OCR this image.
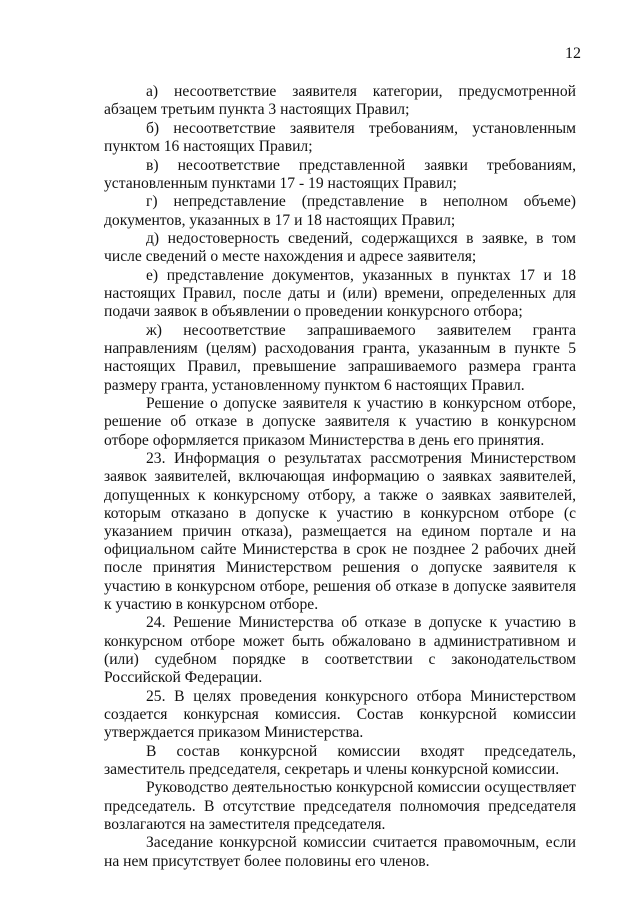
12

а) несоответствие заявителя категории, предусмотренной абзацем третьим пункта 3 настоящих Правил;

б) несоответствие заявителя требованиям, установленным пунктом 16 настоящих Правил;

в) несоответствие представленной заявки требованиям, установленным пунктами 17 - 19 настоящих Правил;

г) непредставление (представление в неполном объеме) документов, указанных в 17 и 18 настоящих Правил;

д) недостоверность сведений, содержащихся в заявке, в том числе сведений о месте нахождения и адресе заявителя;

е) представление документов, указанных в пунктах 17 и 18 настоящих Правил, после даты и (или) времени, определенных для подачи заявок в объявлении о проведении конкурсного отбора;

ж) несоответствие запрашиваемого заявителем гранта направлениям (целям) расходования гранта, указанным в пункте 5 настоящих Правил, превышение запрашиваемого размера гранта размеру гранта, установленному пунктом 6 настоящих Правил.

Решение о допуске заявителя к участию в конкурсном отборе, решение об отказе в допуске заявителя к участию в конкурсном отборе оформляется приказом Министерства в день его принятия.

23. Информация о результатах рассмотрения Министерством заявок заявителей, включающая информацию о заявках заявителей, допущенных к конкурсному отбору, а также о заявках заявителей, которым отказано в допуске к участию в конкурсном отборе (с указанием причин отказа), размещается на едином портале и на официальном сайте Министерства в срок не позднее 2 рабочих дней после принятия Министерством решения о допуске заявителя к участию в конкурсном отборе, решения об отказе в допуске заявителя к участию в конкурсном отборе.

24. Решение Министерства об отказе в допуске к участию в конкурсном отборе может быть обжаловано в административном и (или) судебном порядке в соответствии с законодательством Российской Федерации.

25. В целях проведения конкурсного отбора Министерством создается конкурсная комиссия. Состав конкурсной комиссии утверждается приказом Министерства.

В состав конкурсной комиссии входят председатель, заместитель председателя, секретарь и члены конкурсной комиссии.

Руководство деятельностью конкурсной комиссии осуществляет председатель. В отсутствие председателя полномочия председателя возлагаются на заместителя председателя.

Заседание конкурсной комиссии считается правомочным, если на нем присутствует более половины его членов.
